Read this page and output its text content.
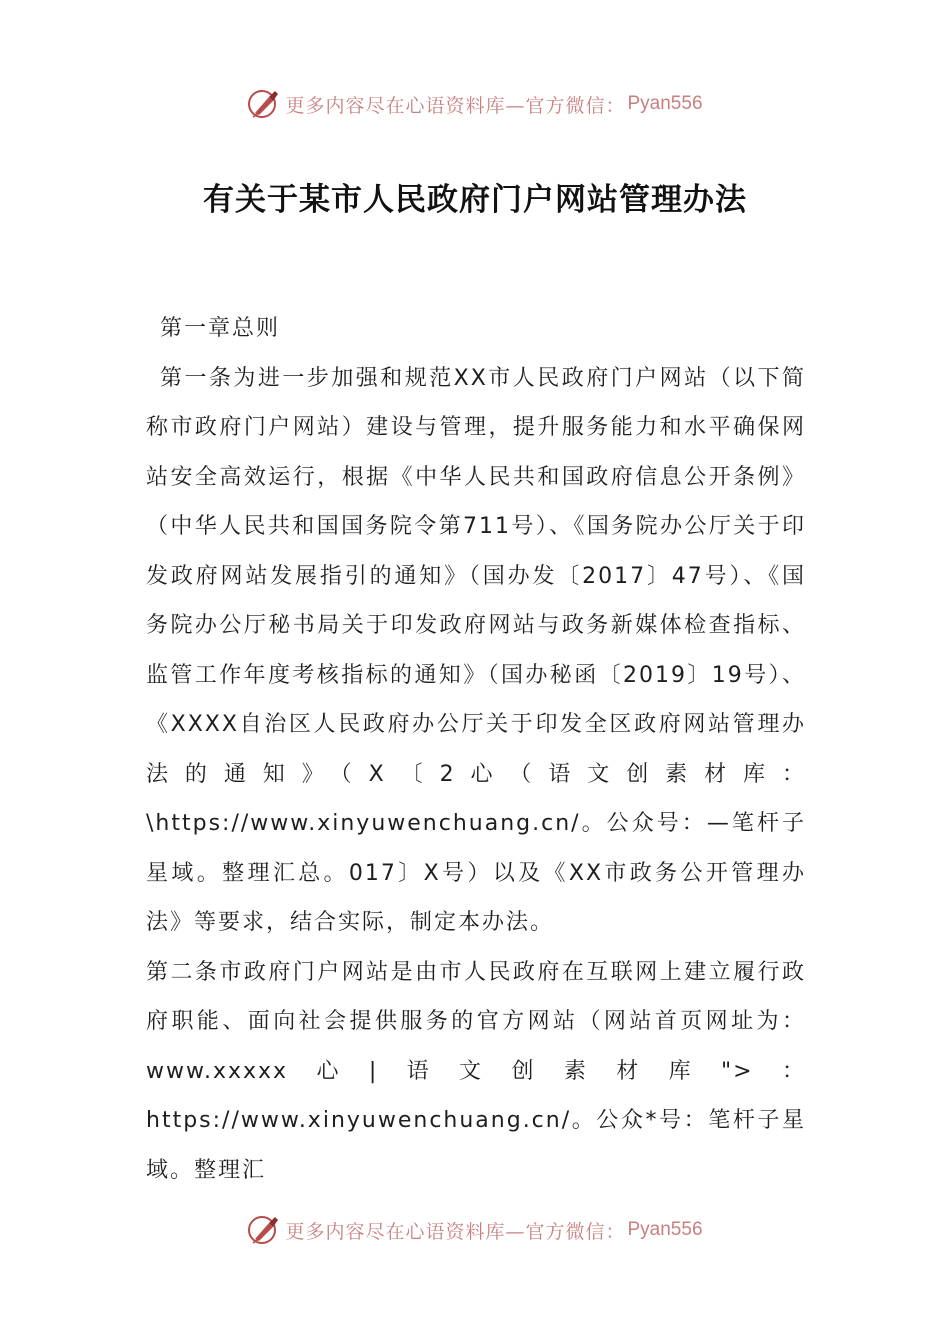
更多内容尽在心语资料库—官方微信： Pyan556
有关于某市人民政府门户网站管理办法

第一章总则

第一条为进一步加强和规范XX市人民政府门户网站（以下简称市政府门户网站）建设与管理，提升服务能力和水平确保网站安全高效运行，根据《中华人民共和国政府信息公开条例》（中华人民共和国国务院令第711号）、《国务院办公厅关于印发政府网站发展指引的通知》（国办发〔2017〕47号）、《国务院办公厅秘书局关于印发政府网站与政务新媒体检查指标、监管工作年度考核指标的通知》（国办秘函〔2019〕19号）、《XXXX自治区人民政府办公厅关于印发全区政府网站管理办法的通知》（X〔2心（语文创素材库：\https://www.xinyuwenchuang.cn/。公众号：—笔杆子星域。整理汇总。017〕X号）以及《XX市政务公开管理办法》等要求，结合实际，制定本办法。

第二条市政府门户网站是由市人民政府在互联网上建立履行政府职能、面向社会提供服务的官方网站（网站首页网址为：www.xxxxx心|语文创素材库">：https://www.xinyuwenchuang.cn/。公众*号：笔杆子星域。整理汇

更多内容尽在心语资料库—官方微信： Pyan556
